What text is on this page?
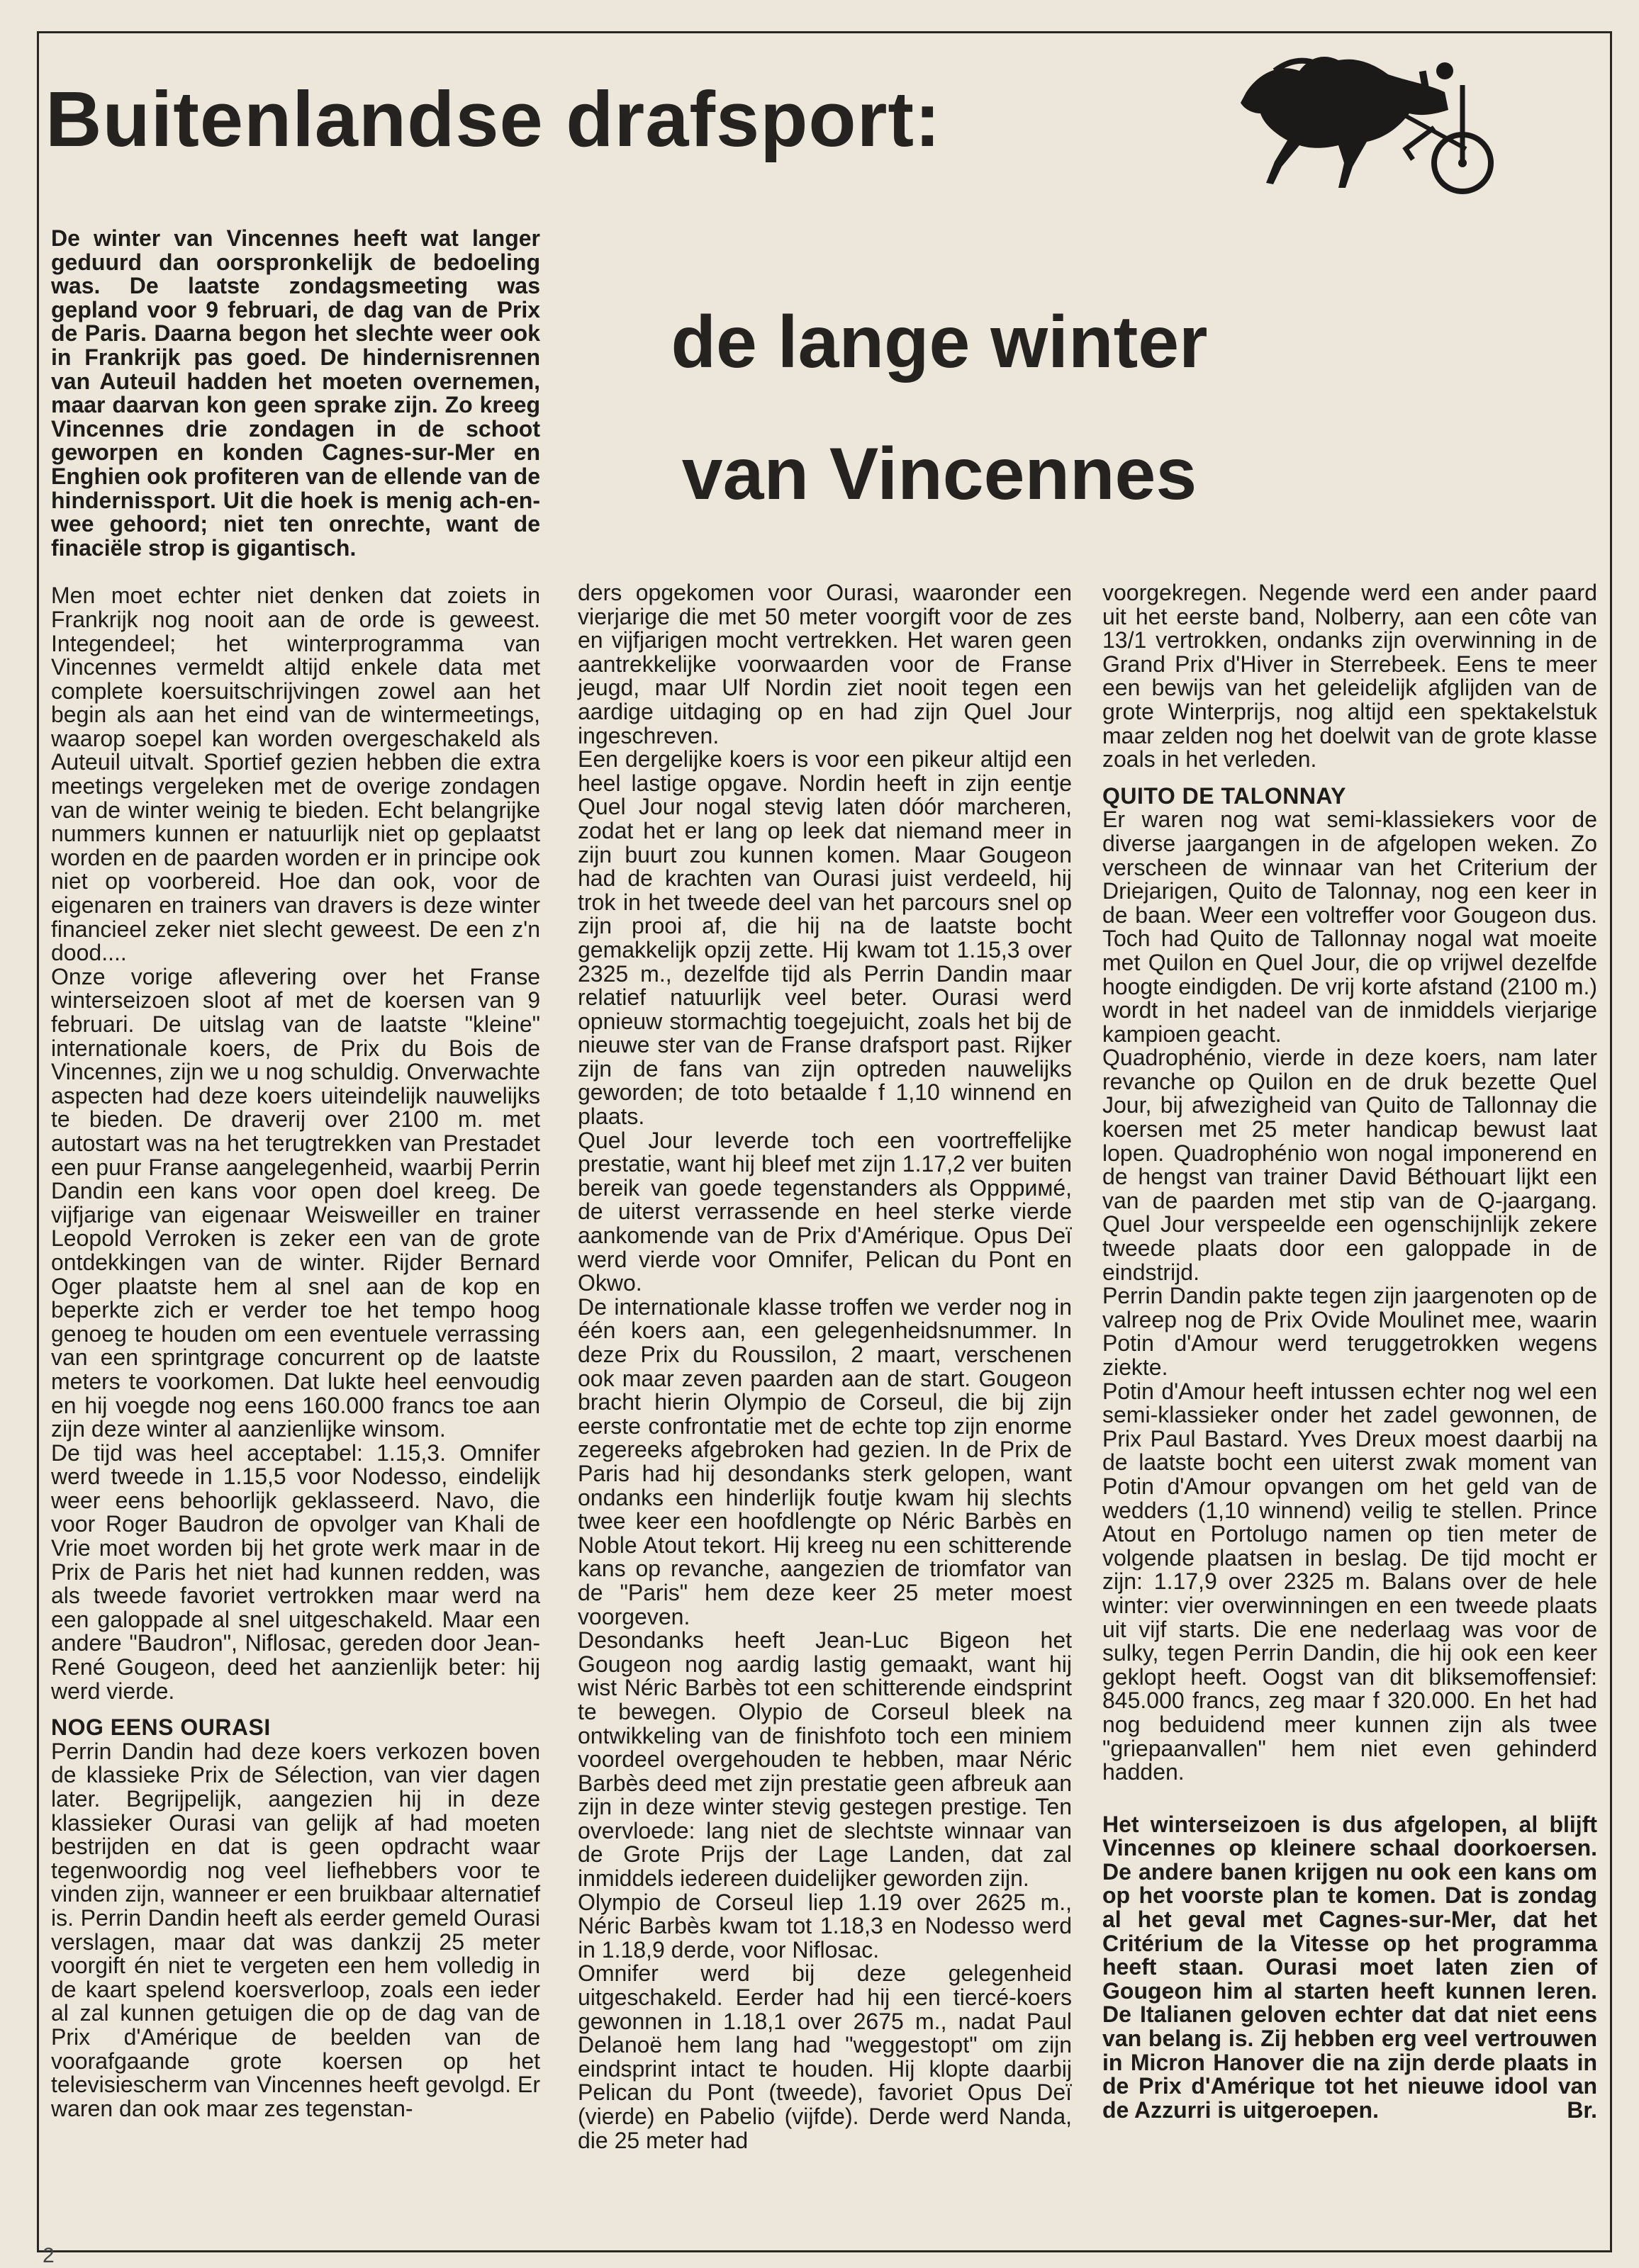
Buitenlandse drafsport:
de lange winter
van Vincennes

De winter van Vincennes heeft wat langer geduurd dan oorspronkelijk de bedoeling was. De laatste zondagsmeeting was gepland voor 9 februari, de dag van de Prix de Paris. Daarna begon het slechte weer ook in Frankrijk pas goed. De hindernisrennen van Auteuil hadden het moeten overnemen, maar daarvan kon geen sprake zijn. Zo kreeg Vincennes drie zondagen in de schoot geworpen en konden Cagnes-sur-Mer en Enghien ook profiteren van de ellende van de hindernissport. Uit die hoek is menig ach-en-wee gehoord; niet ten onrechte, want de finaciële strop is gigantisch.

Men moet echter niet denken dat zoiets in Frankrijk nog nooit aan de orde is geweest. Integendeel; het winterprogramma van Vincennes vermeldt altijd enkele data met complete koersuitschrijvingen zowel aan het begin als aan het eind van de wintermeetings, waarop soepel kan worden overgeschakeld als Auteuil uitvalt. Sportief gezien hebben die extra meetings vergeleken met de overige zondagen van de winter weinig te bieden. Echt belangrijke nummers kunnen er natuurlijk niet op geplaatst worden en de paarden worden er in principe ook niet op voorbereid. Hoe dan ook, voor de eigenaren en trainers van dravers is deze winter financieel zeker niet slecht geweest. De een z'n dood....

Onze vorige aflevering over het Franse winterseizoen sloot af met de koersen van 9 februari. De uitslag van de laatste "kleine" internationale koers, de Prix du Bois de Vincennes, zijn we u nog schuldig. Onverwachte aspecten had deze koers uiteindelijk nauwelijks te bieden. De draverij over 2100 m. met autostart was na het terugtrekken van Prestadet een puur Franse aangelegenheid, waarbij Perrin Dandin een kans voor open doel kreeg. De vijfjarige van eigenaar Weisweiller en trainer Leopold Verroken is zeker een van de grote ontdekkingen van de winter. Rijder Bernard Oger plaatste hem al snel aan de kop en beperkte zich er verder toe het tempo hoog genoeg te houden om een eventuele verrassing van een sprintgrage concurrent op de laatste meters te voorkomen. Dat lukte heel eenvoudig en hij voegde nog eens 160.000 francs toe aan zijn deze winter al aanzienlijke winsom.

De tijd was heel acceptabel: 1.15,3. Omnifer werd tweede in 1.15,5 voor Nodesso, eindelijk weer eens behoorlijk geklasseerd. Navo, die voor Roger Baudron de opvolger van Khali de Vrie moet worden bij het grote werk maar in de Prix de Paris het niet had kunnen redden, was als tweede favoriet vertrokken maar werd na een galoppade al snel uitgeschakeld. Maar een andere "Baudron", Niflosac, gereden door Jean-René Gougeon, deed het aanzienlijk beter: hij werd vierde.

NOG EENS OURASI

Perrin Dandin had deze koers verkozen boven de klassieke Prix de Sélection, van vier dagen later. Begrijpelijk, aangezien hij in deze klassieker Ourasi van gelijk af had moeten bestrijden en dat is geen opdracht waar tegenwoordig nog veel liefhebbers voor te vinden zijn, wanneer er een bruikbaar alternatief is. Perrin Dandin heeft als eerder gemeld Ourasi verslagen, maar dat was dankzij 25 meter voorgift én niet te vergeten een hem volledig in de kaart spelend koersverloop, zoals een ieder al zal kunnen getuigen die op de dag van de Prix d'Amérique de beelden van de voorafgaande grote koersen op het televisiescherm van Vincennes heeft gevolgd. Er waren dan ook maar zes tegenstan-

ders opgekomen voor Ourasi, waaronder een vierjarige die met 50 meter voorgift voor de zes en vijfjarigen mocht vertrekken. Het waren geen aantrekkelijke voorwaarden voor de Franse jeugd, maar Ulf Nordin ziet nooit tegen een aardige uitdaging op en had zijn Quel Jour ingeschreven.

Een dergelijke koers is voor een pikeur altijd een heel lastige opgave. Nordin heeft in zijn eentje Quel Jour nogal stevig laten dóór marcheren, zodat het er lang op leek dat niemand meer in zijn buurt zou kunnen komen. Maar Gougeon had de krachten van Ourasi juist verdeeld, hij trok in het tweede deel van het parcours snel op zijn prooi af, die hij na de laatste bocht gemakkelijk opzij zette. Hij kwam tot 1.15,3 over 2325 m., dezelfde tijd als Perrin Dandin maar relatief natuurlijk veel beter. Ourasi werd opnieuw stormachtig toegejuicht, zoals het bij de nieuwe ster van de Franse drafsport past. Rijker zijn de fans van zijn optreden nauwelijks geworden; de toto betaalde f 1,10 winnend en plaats.

Quel Jour leverde toch een voortreffelijke prestatie, want hij bleef met zijn 1.17,2 ver buiten bereik van goede tegenstanders als Oppримé, de uiterst verrassende en heel sterke vierde aankomende van de Prix d'Amérique. Opus Deï werd vierde voor Omnifer, Pelican du Pont en Okwo.

De internationale klasse troffen we verder nog in één koers aan, een gelegenheidsnummer. In deze Prix du Roussilon, 2 maart, verschenen ook maar zeven paarden aan de start. Gougeon bracht hierin Olympio de Corseul, die bij zijn eerste confrontatie met de echte top zijn enorme zegereeks afgebroken had gezien. In de Prix de Paris had hij desondanks sterk gelopen, want ondanks een hinderlijk foutje kwam hij slechts twee keer een hoofdlengte op Néric Barbès en Noble Atout tekort. Hij kreeg nu een schitterende kans op revanche, aangezien de triomfator van de "Paris" hem deze keer 25 meter moest voorgeven.

Desondanks heeft Jean-Luc Bigeon het Gougeon nog aardig lastig gemaakt, want hij wist Néric Barbès tot een schitterende eindsprint te bewegen. Olypio de Corseul bleek na ontwikkeling van de finishfoto toch een miniem voordeel overgehouden te hebben, maar Néric Barbès deed met zijn prestatie geen afbreuk aan zijn in deze winter stevig gestegen prestige. Ten overvloede: lang niet de slechtste winnaar van de Grote Prijs der Lage Landen, dat zal inmiddels iedereen duidelijker geworden zijn.

Olympio de Corseul liep 1.19 over 2625 m., Néric Barbès kwam tot 1.18,3 en Nodesso werd in 1.18,9 derde, voor Niflosac.

Omnifer werd bij deze gelegenheid uitgeschakeld. Eerder had hij een tiercé-koers gewonnen in 1.18,1 over 2675 m., nadat Paul Delanoë hem lang had "weggestopt" om zijn eindsprint intact te houden. Hij klopte daarbij Pelican du Pont (tweede), favoriet Opus Deï (vierde) en Pabelio (vijfde). Derde werd Nanda, die 25 meter had

voorgekregen. Negende werd een ander paard uit het eerste band, Nolberry, aan een côte van 13/1 vertrokken, ondanks zijn overwinning in de Grand Prix d'Hiver in Sterrebeek. Eens te meer een bewijs van het geleidelijk afglijden van de grote Winterprijs, nog altijd een spektakelstuk maar zelden nog het doelwit van de grote klasse zoals in het verleden.

QUITO DE TALONNAY

Er waren nog wat semi-klassiekers voor de diverse jaargangen in de afgelopen weken. Zo verscheen de winnaar van het Criterium der Driejarigen, Quito de Talonnay, nog een keer in de baan. Weer een voltreffer voor Gougeon dus. Toch had Quito de Tallonnay nogal wat moeite met Quilon en Quel Jour, die op vrijwel dezelfde hoogte eindigden. De vrij korte afstand (2100 m.) wordt in het nadeel van de inmiddels vierjarige kampioen geacht.

Quadrophénio, vierde in deze koers, nam later revanche op Quilon en de druk bezette Quel Jour, bij afwezigheid van Quito de Tallonnay die koersen met 25 meter handicap bewust laat lopen. Quadrophénio won nogal imponerend en de hengst van trainer David Béthouart lijkt een van de paarden met stip van de Q-jaargang. Quel Jour verspeelde een ogenschijnlijk zekere tweede plaats door een galoppade in de eindstrijd.

Perrin Dandin pakte tegen zijn jaargenoten op de valreep nog de Prix Ovide Moulinet mee, waarin Potin d'Amour werd teruggetrokken wegens ziekte.

Potin d'Amour heeft intussen echter nog wel een semi-klassieker onder het zadel gewonnen, de Prix Paul Bastard. Yves Dreux moest daarbij na de laatste bocht een uiterst zwak moment van Potin d'Amour opvangen om het geld van de wedders (1,10 winnend) veilig te stellen. Prince Atout en Portolugo namen op tien meter de volgende plaatsen in beslag. De tijd mocht er zijn: 1.17,9 over 2325 m. Balans over de hele winter: vier overwinningen en een tweede plaats uit vijf starts. Die ene nederlaag was voor de sulky, tegen Perrin Dandin, die hij ook een keer geklopt heeft. Oogst van dit bliksemoffensief: 845.000 francs, zeg maar f 320.000. En het had nog beduidend meer kunnen zijn als twee "griepaanvallen" hem niet even gehinderd hadden.

Het winterseizoen is dus afgelopen, al blijft Vincennes op kleinere schaal doorkoersen. De andere banen krijgen nu ook een kans om op het voorste plan te komen. Dat is zondag al het geval met Cagnes-sur-Mer, dat het Critérium de la Vitesse op het programma heeft staan. Ourasi moet laten zien of Gougeon him al starten heeft kunnen leren. De Italianen geloven echter dat dat niet eens van belang is. Zij hebben erg veel vertrouwen in Micron Hanover die na zijn derde plaats in de Prix d'Amérique tot het nieuwe idool van de Azzurri is uitgeroepen.	Br.

2
